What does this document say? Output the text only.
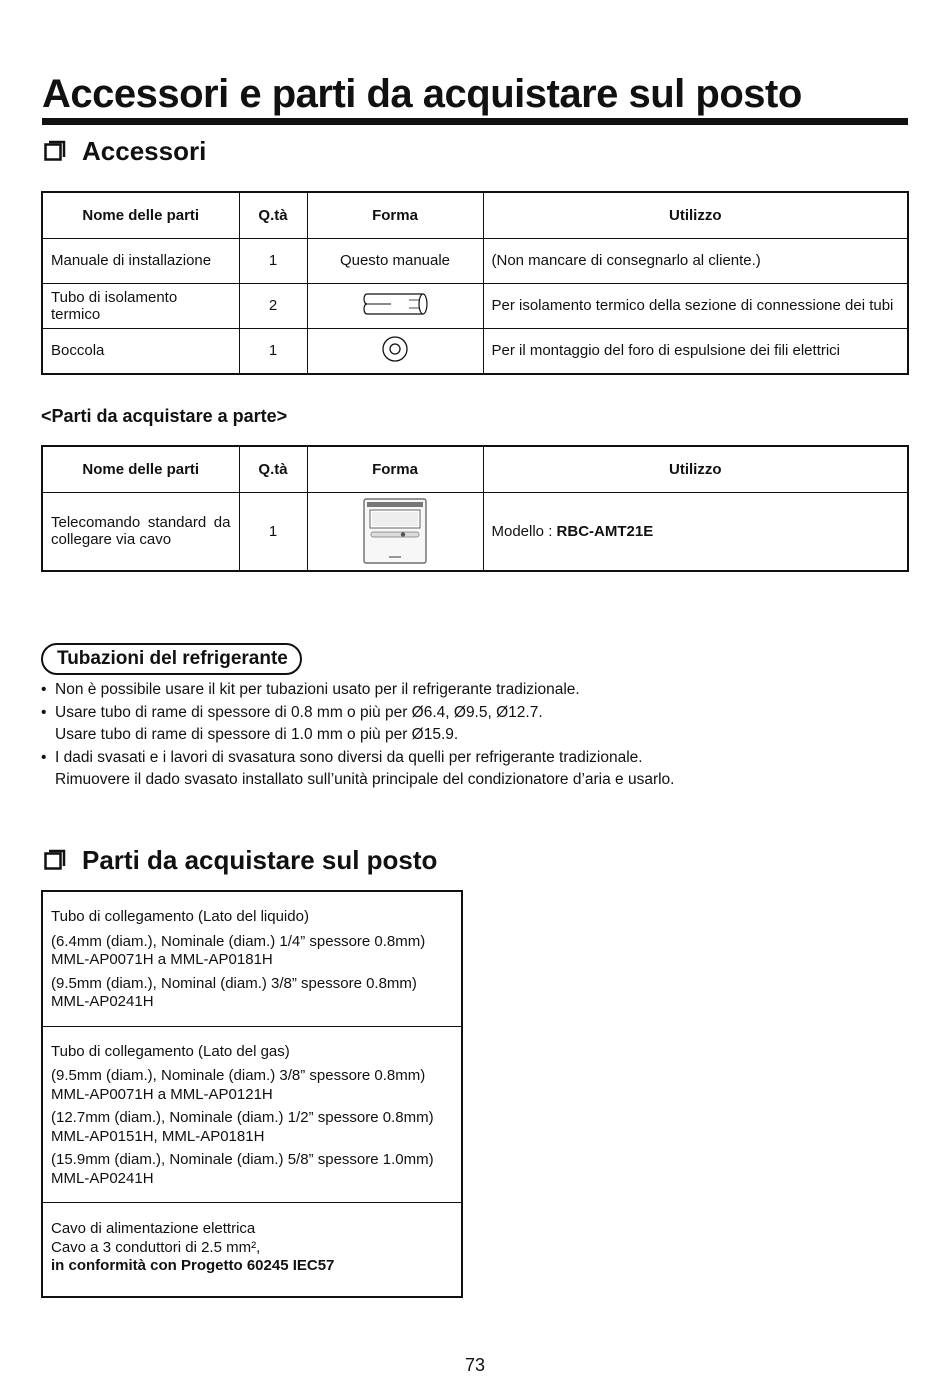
Accessori e parti da acquistare sul posto
Accessori
Nome delle parti	Q.tà	Forma	Utilizzo
Manuale di installazione	1	Questo manuale	(Non mancare di consegnarlo al cliente.)
Tubo di isolamento termico	2		Per isolamento termico della sezione di connessione dei tubi
Boccola	1		Per il montaggio del foro di espulsione dei fili elettrici
<Parti da acquistare a parte>
Nome delle parti	Q.tà	Forma	Utilizzo
Telecomando standard da collegare via cavo	1		Modello : RBC-AMT21E
Tubazioni del refrigerante
• Non è possibile usare il kit per tubazioni usato per il refrigerante tradizionale.
• Usare tubo di rame di spessore di 0.8 mm o più per Ø6.4, Ø9.5, Ø12.7.
Usare tubo di rame di spessore di 1.0 mm o più per Ø15.9.
• I dadi svasati e i lavori di svasatura sono diversi da quelli per refrigerante tradizionale.
Rimuovere il dado svasato installato sull’unità principale del condizionatore d’aria e usarlo.
Parti da acquistare sul posto
Tubo di collegamento (Lato del liquido)
(6.4mm (diam.), Nominale (diam.) 1/4” spessore 0.8mm)
MML-AP0071H a MML-AP0181H
(9.5mm (diam.), Nominal (diam.) 3/8” spessore 0.8mm)
MML-AP0241H
Tubo di collegamento (Lato del gas)
(9.5mm (diam.), Nominale (diam.) 3/8” spessore 0.8mm)
MML-AP0071H a MML-AP0121H
(12.7mm (diam.), Nominale (diam.) 1/2” spessore 0.8mm)
MML-AP0151H, MML-AP0181H
(15.9mm (diam.), Nominale (diam.) 5/8” spessore 1.0mm)
MML-AP0241H
Cavo di alimentazione elettrica
Cavo a 3 conduttori di 2.5 mm²,
in conformità con Progetto 60245 IEC57
73
